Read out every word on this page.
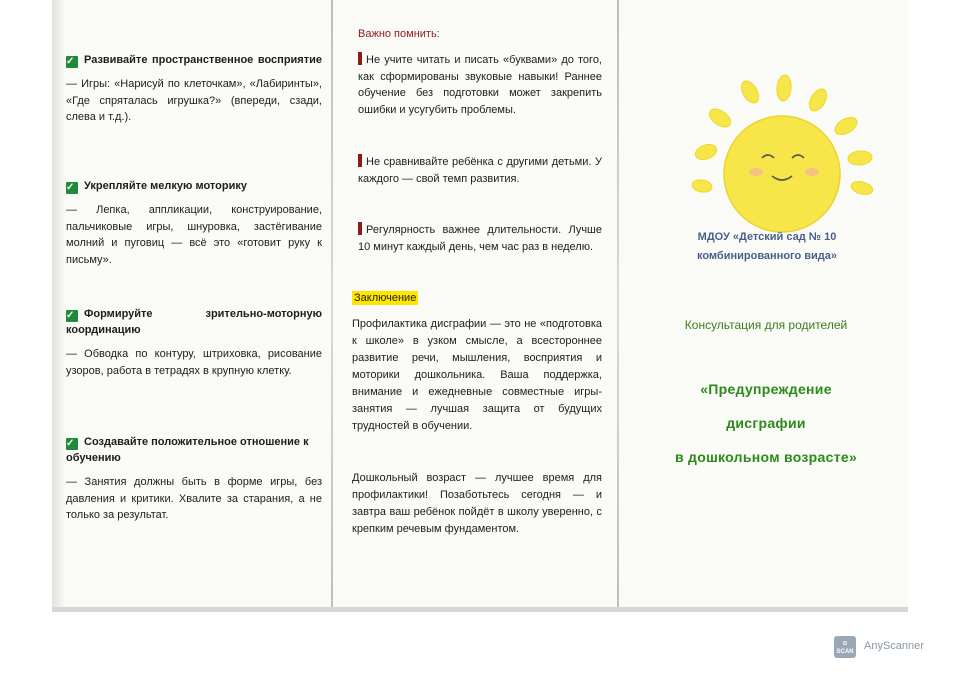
✓ Развивайте пространственное восприятие
— Игры: «Нарисуй по клеточкам», «Лабиринты», «Где спряталась игрушка?» (впереди, сзади, слева и т.д.).
✓ Укрепляйте мелкую моторику
— Лепка, аппликации, конструирование, пальчиковые игры, шнуровка, застёгивание молний и пуговиц — всё это «готовит руку к письму».
✓ Формируйте зрительно-моторную координацию
— Обводка по контуру, штриховка, рисование узоров, работа в тетрадях в крупную клетку.
✓ Создавайте положительное отношение к обучению
— Занятия должны быть в форме игры, без давления и критики. Хвалите за старания, а не только за результат.
Важно помнить:
Не учите читать и писать «буквами» до того, как сформированы звуковые навыки! Раннее обучение без подготовки может закрепить ошибки и усугубить проблемы.
Не сравнивайте ребёнка с другими детьми. У каждого — свой темп развития.
Регулярность важнее длительности. Лучше 10 минут каждый день, чем час раз в неделю.
Заключение
Профилактика дисграфии — это не «подготовка к школе» в узком смысле, а всестороннее развитие речи, мышления, восприятия и моторики дошкольника. Ваша поддержка, внимание и ежедневные совместные игры-занятия — лучшая защита от будущих трудностей в обучении.
Дошкольный возраст — лучшее время для профилактики! Позаботьтесь сегодня — и завтра ваш ребёнок пойдёт в школу уверенно, с крепким речевым фундаментом.
МДОУ «Детский сад № 10 комбинированного вида»
Консультация для родителей
«Предупреждение
дисграфии
в дошкольном возрасте»
⊙
SCAN AnyScanner
